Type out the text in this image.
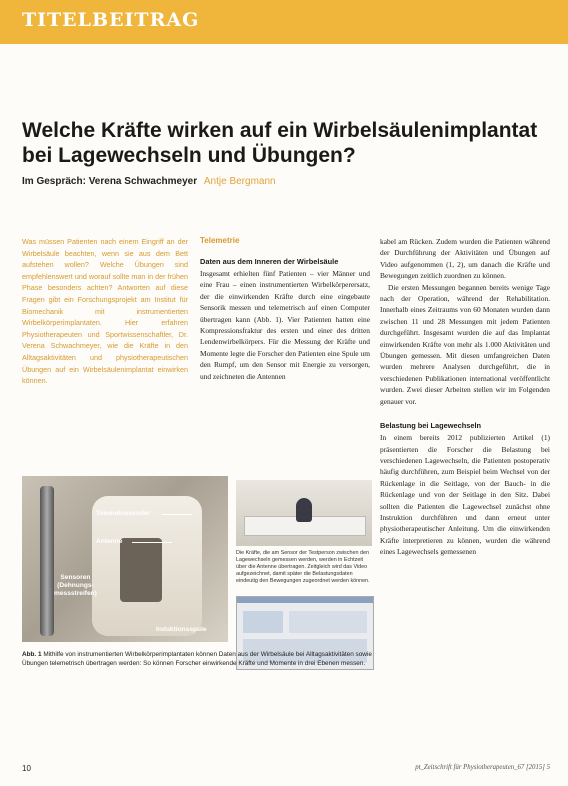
TITELBEITRAG
Welche Kräfte wirken auf ein Wirbelsäulenimplantat bei Lagewechseln und Übungen?
Im Gespräch: Verena Schwachmeyer Antje Bergmann
Was müssen Patienten nach einem Eingriff an der Wirbelsäule beachten, wenn sie aus dem Bett aufstehen wollen? Welche Übungen sind empfehlenswert und worauf sollte man in der frühen Phase besonders achten? Antworten auf diese Fragen gibt ein Forschungsprojekt am Institut für Biomechanik mit instrumentierten Wirbelkörperimplantaten. Hier erfahren Physiotherapeuten und Sportwissenschaftler, Dr. Verena Schwachmeyer, wie die Kräfte in den Alltagsaktivitäten und physiotherapeutischen Übungen auf ein Wirbelsäulenimplantat einwirken können.
Telemetrie
Daten aus dem Inneren der Wirbelsäule

Insgesamt erhielten fünf Patienten – vier Männer und eine Frau – einen instrumentierten Wirbelkörperersatz, der die einwirkenden Kräfte durch eine eingebaute Sensorik messen und telemetrisch auf einen Computer übertragen kann (Abb. 1). Vier Patienten hatten eine Kompressionsfraktur des ersten und einer des dritten Lendenwirbelkörpers. Für die Messung der Kräfte und Momente legte die Forscher den Patienten eine Spule um den Rumpf, um den Sensor mit Energie zu versorgen, und zeichneten die Antennen

kabel am Rücken. Zudem wurden die Patienten während der Durchführung der Aktivitäten und Übungen auf Video aufgenommen (1, 2), um danach die Kräfte und Bewegungen zeitlich zuordnen zu können.

Die ersten Messungen begannen bereits wenige Tage nach der Operation, während der Rehabilitation. Innerhalb eines Zeitraums von 60 Monaten wurden dann zwischen 11 und 28 Messungen mit jedem Patienten durchgeführt. Insgesamt wurden die auf das Implantat einwirkenden Kräfte von mehr als 1.000 Aktivitäten und Übungen gemessen. Mit diesen umfangreichen Daten wurden mehrere Analysen durchgeführt, die in verschiedenen Publikationen international veröffentlicht wurden. Zwei dieser Arbeiten stellen wir im Folgenden genauer vor.

Belastung bei Lagewechseln

In einem bereits 2012 publizierten Artikel (1) präsentierten die Forscher die Belastung bei verschiedenen Lagewechseln, die Patienten postoperativ häufig durchführen, zum Beispiel beim Wechsel von der Rückenlage in die Seitlage, von der Bauch- in die Rückenlage und von der Seitlage in den Sitz. Dabei sollten die Patienten die Lagewechsel zunächst ohne Instruktion durchführen und dann erneut unter physiotherapeutischer Anleitung. Um die einwirkenden Kräfte interpretieren zu können, wurden die während eines Lagewechsels gemessenen

Telemetriesender
Antenne
Sensoren
(Dehnungs-
messstreifen)
Induktionsspule
Die Kräfte, die am Sensor der Testperson zwischen den Lagewechseln gemessen werden, werden in Echtzeit über die Antenne übertragen. Zeitgleich wird das Video aufgezeichnet, damit später die Belastungsdaten eindeutig den Bewegungen zugeordnet werden können.
Abb. 1 Mithilfe von instrumentierten Wirbelkörperimplantaten können Daten aus der Wirbelsäule bei Alltagsaktivitäten sowie Übungen telemetrisch übertragen werden: So können Forscher einwirkende Kräfte und Momente in drei Ebenen messen.
10	pt_Zeitschrift für Physiotherapeuten_67 [2015] 5
